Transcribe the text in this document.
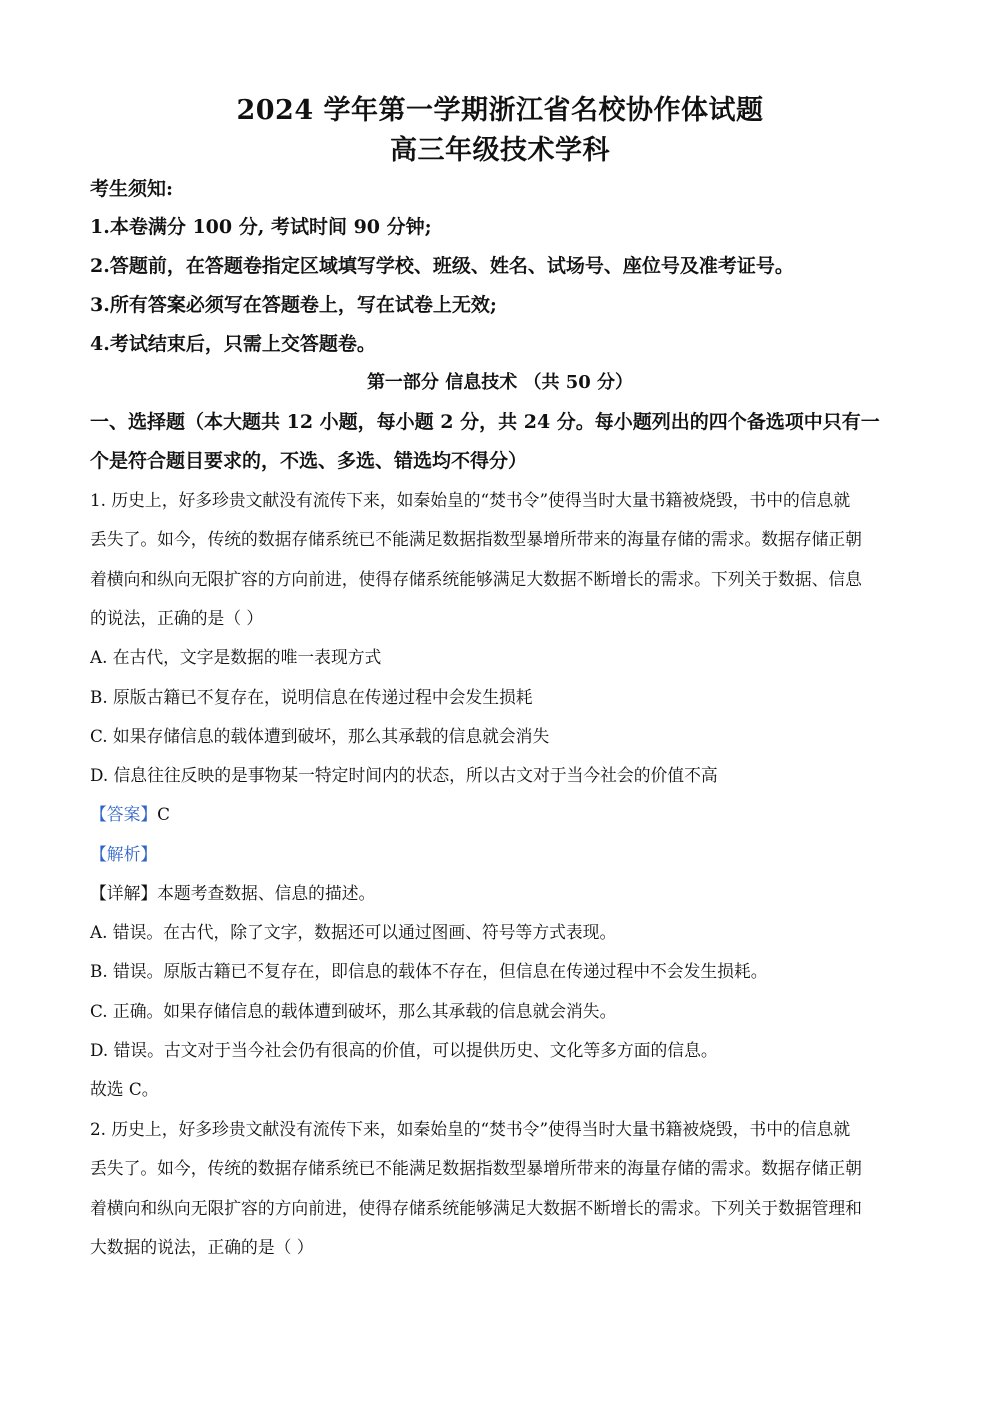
2024 学年第一学期浙江省名校协作体试题
高三年级技术学科
考生须知:
1.本卷满分 100 分, 考试时间 90 分钟;
2.答题前，在答题卷指定区域填写学校、班级、姓名、试场号、座位号及准考证号。
3.所有答案必须写在答题卷上，写在试卷上无效;
4.考试结束后，只需上交答题卷。
第一部分 信息技术 （共 50 分）
一、选择题（本大题共 12 小题，每小题 2 分，共 24 分。每小题列出的四个备选项中只有一
个是符合题目要求的，不选、多选、错选均不得分）
1. 历史上，好多珍贵文献没有流传下来，如秦始皇的“焚书令”使得当时大量书籍被烧毁，书中的信息就
丢失了。如今，传统的数据存储系统已不能满足数据指数型暴增所带来的海量存储的需求。数据存储正朝
着横向和纵向无限扩容的方向前进，使得存储系统能够满足大数据不断增长的需求。下列关于数据、信息
的说法，正确的是（ ）
A. 在古代，文字是数据的唯一表现方式
B. 原版古籍已不复存在，说明信息在传递过程中会发生损耗
C. 如果存储信息的载体遭到破坏，那么其承载的信息就会消失
D. 信息往往反映的是事物某一特定时间内的状态，所以古文对于当今社会的价值不高
【答案】C
【解析】
【详解】本题考查数据、信息的描述。
A. 错误。在古代，除了文字，数据还可以通过图画、符号等方式表现。
B. 错误。原版古籍已不复存在，即信息的载体不存在，但信息在传递过程中不会发生损耗。
C. 正确。如果存储信息的载体遭到破坏，那么其承载的信息就会消失。
D. 错误。古文对于当今社会仍有很高的价值，可以提供历史、文化等多方面的信息。
故选 C。
2. 历史上，好多珍贵文献没有流传下来，如秦始皇的“焚书令”使得当时大量书籍被烧毁，书中的信息就
丢失了。如今，传统的数据存储系统已不能满足数据指数型暴增所带来的海量存储的需求。数据存储正朝
着横向和纵向无限扩容的方向前进，使得存储系统能够满足大数据不断增长的需求。下列关于数据管理和
大数据的说法，正确的是（ ）
